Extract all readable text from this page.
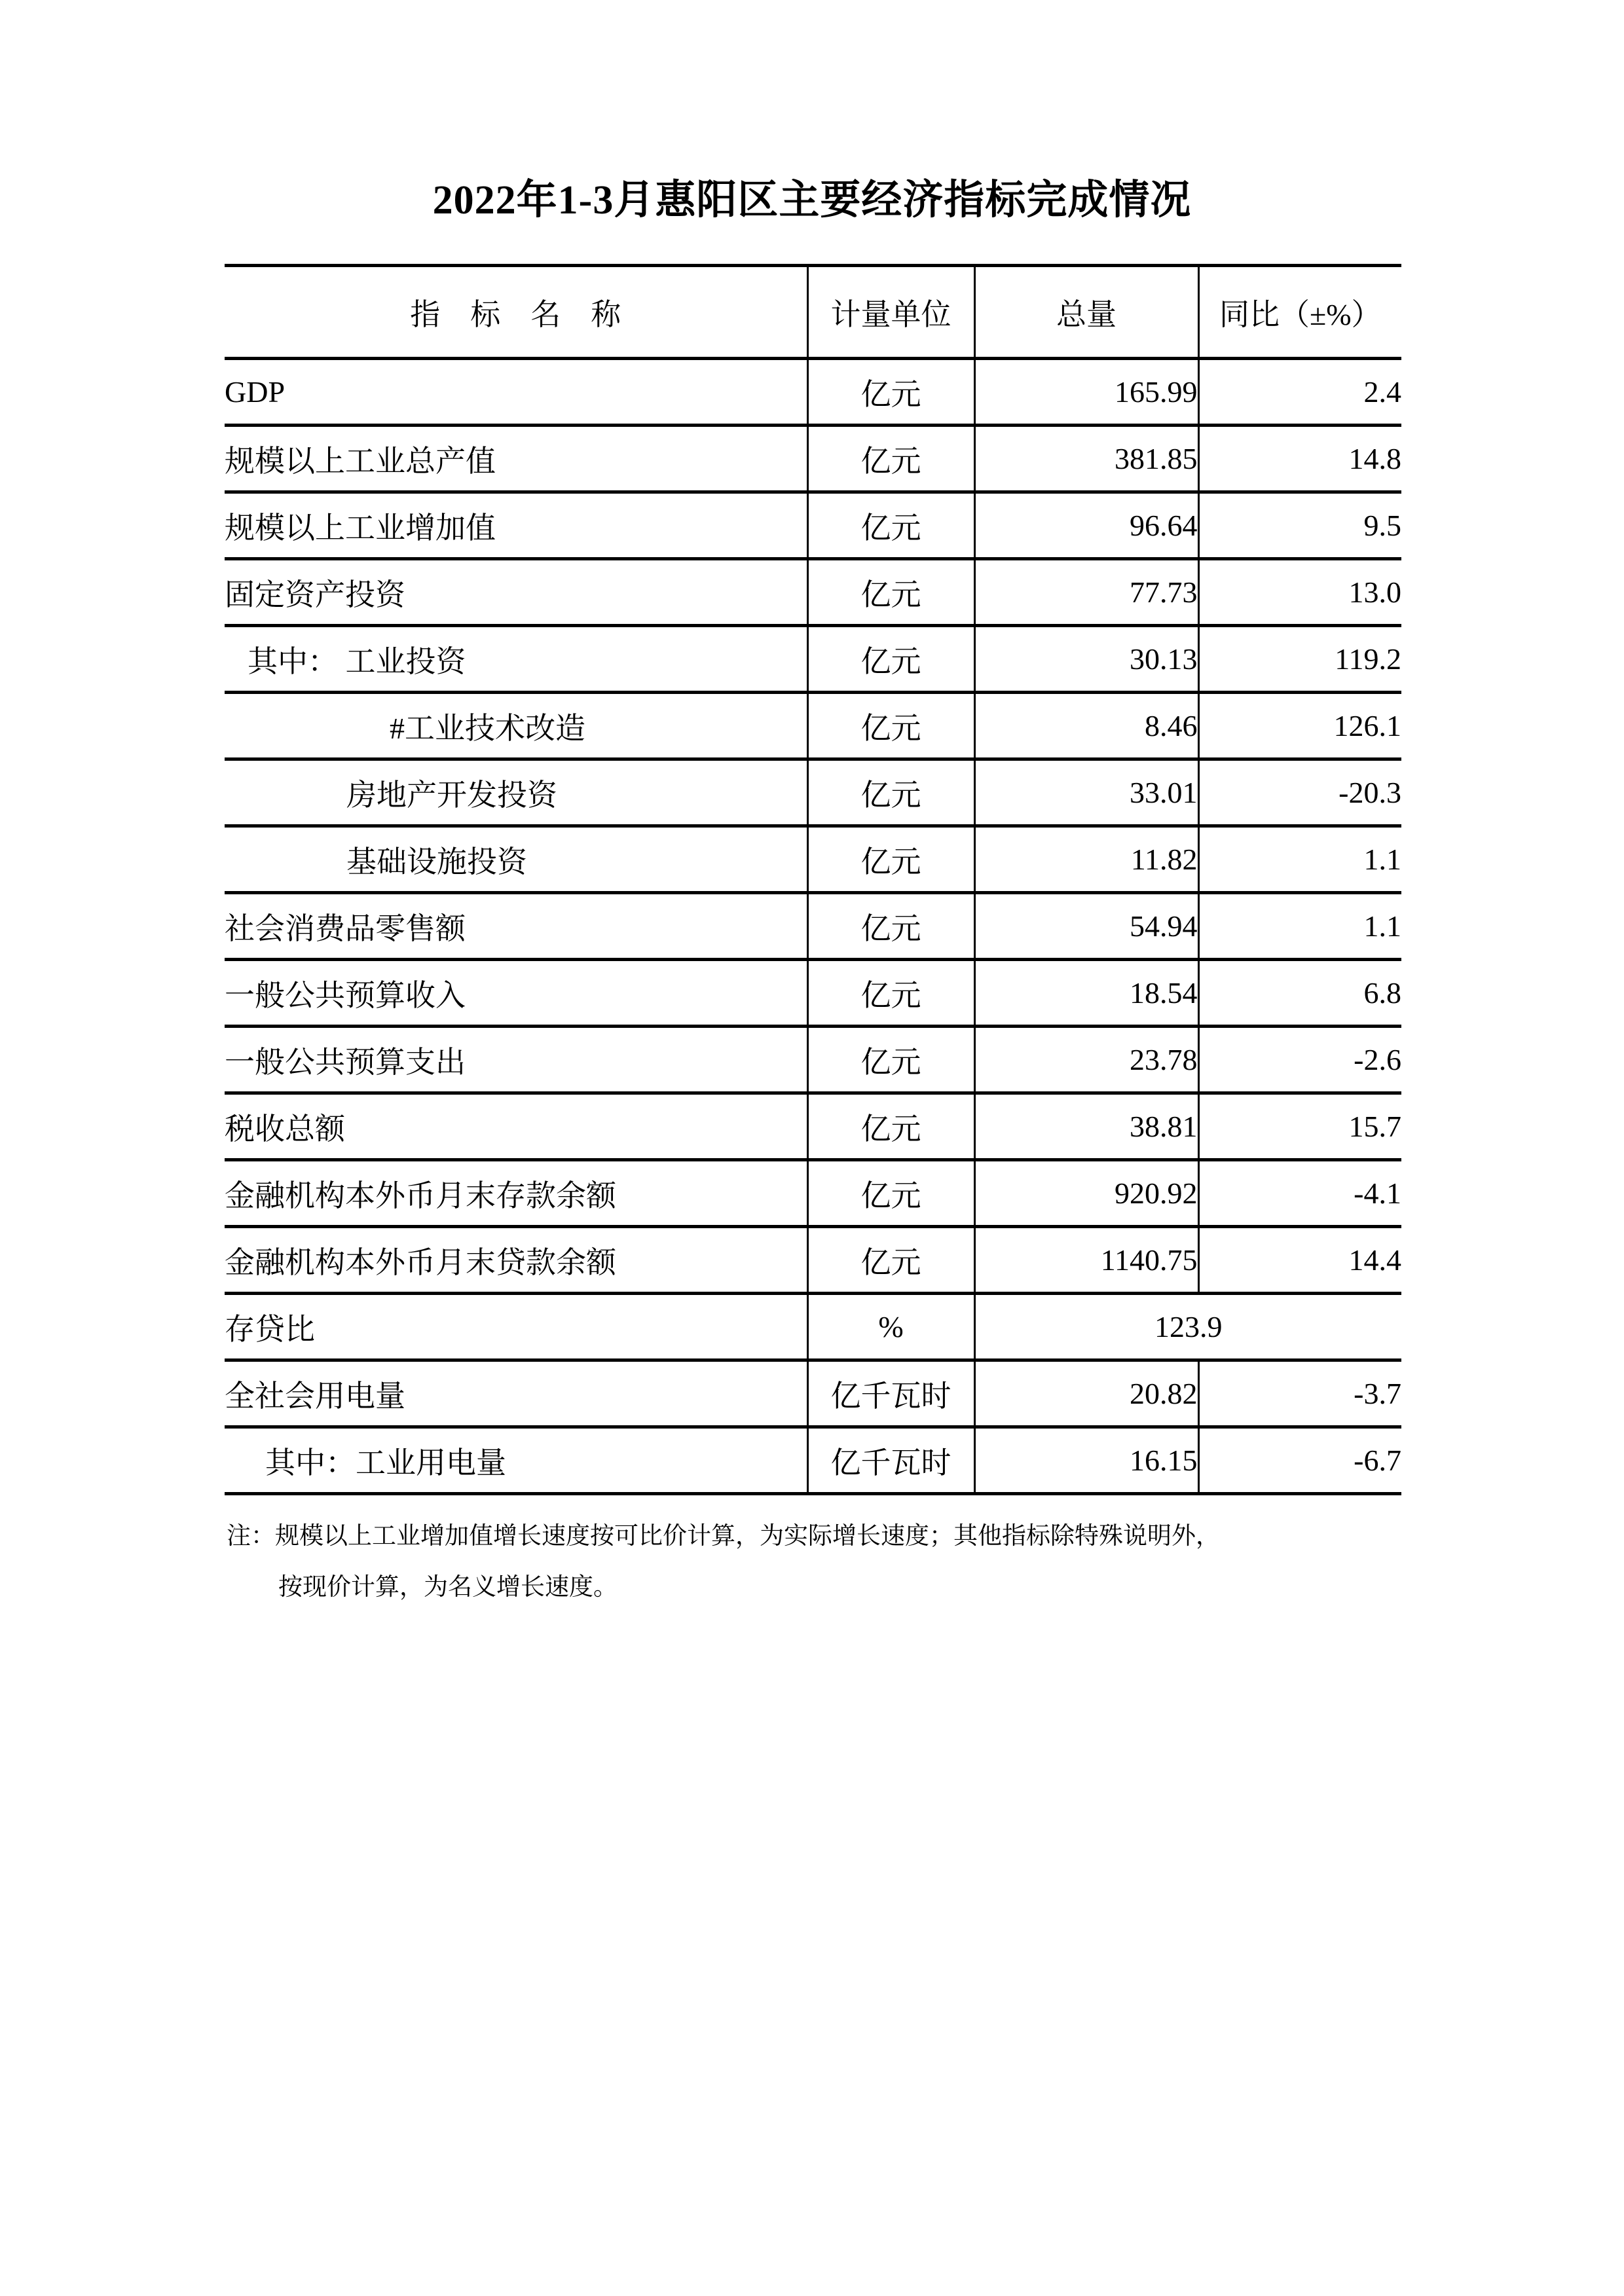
2022年1-3月惠阳区主要经济指标完成情况
指　标　名　称	计量单位	总量	同比（±%）
GDP	亿元	165.99	2.4
规模以上工业总产值	亿元	381.85	14.8
规模以上工业增加值	亿元	96.64	9.5
固定资产投资	亿元	77.73	13.0
其中： 工业投资	亿元	30.13	119.2
#工业技术改造	亿元	8.46	126.1
房地产开发投资	亿元	33.01	-20.3
基础设施投资	亿元	11.82	1.1
社会消费品零售额	亿元	54.94	1.1
一般公共预算收入	亿元	18.54	6.8
一般公共预算支出	亿元	23.78	-2.6
税收总额	亿元	38.81	15.7
金融机构本外币月末存款余额	亿元	920.92	-4.1
金融机构本外币月末贷款余额	亿元	1140.75	14.4
存贷比	%	123.9	
全社会用电量	亿千瓦时	20.82	-3.7
其中：工业用电量	亿千瓦时	16.15	-6.7
注：规模以上工业增加值增长速度按可比价计算，为实际增长速度；其他指标除特殊说明外，
按现价计算，为名义增长速度。
